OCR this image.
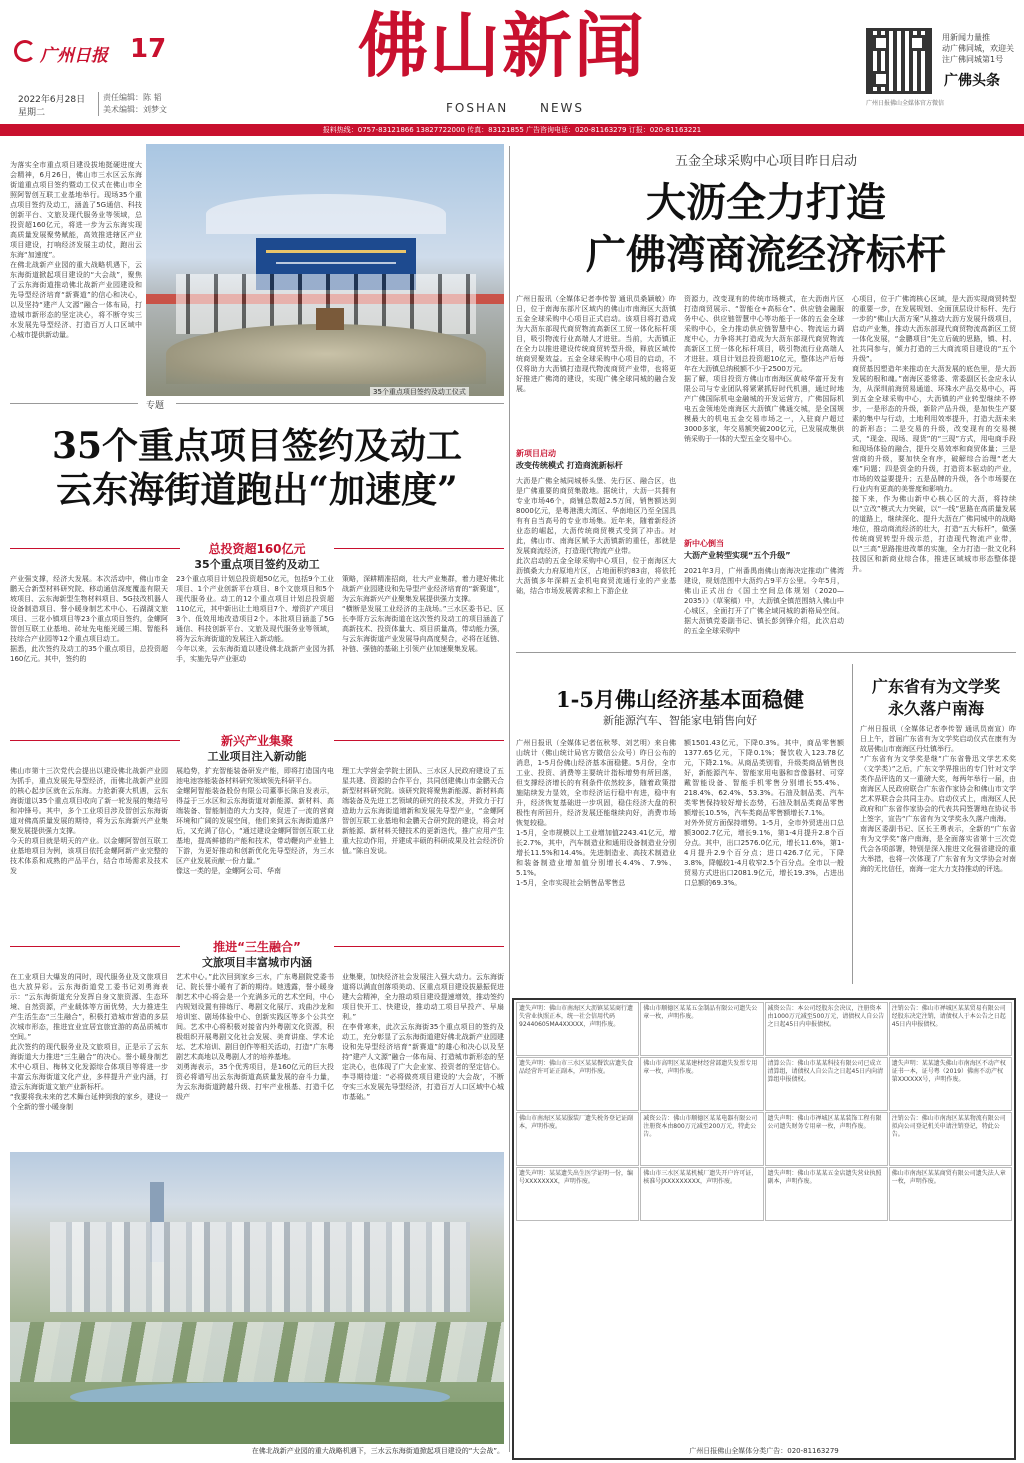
广州日报 17
2022年6月28日
星期二
责任编辑：陈 韬
美术编辑：刘梦文
佛山新闻
FOSHAN	NEWS
用新闻力量推
动广佛同城，欢迎关
注广佛同城第1号
广佛头条
广州日报佛山全媒体官方微信
报料热线：0757-83121866 13827722000 传真：83121855 广告咨询电话：020-81163279 订报：020-81163221
为落实全市重点项目建设拔地挺硬进度大会精神，6月26日，佛山市三水区云东海街道重点项目签约暨动工仪式在佛山市全照阿智创互联工业基地举行。现场35个重点项目签约及动工，涵盖了5G通信、科技创新平台、文旅及现代服务业等领域，总投资超160亿元，将进一步为云东海实现高质量发展聚势赋能，高效推进辖区产业项目建设，打响经济发展主动仗，跑出云东海“加速度”。
在佛北战新产业园的重大战略机遇下，云东海街道掀起项目建设的“大会战”，聚焦了云东海街道推动佛北战新产业园建设和先导型经济培育“新赛道”的信心和决心，以及坚持“建产人文源”融合一体布局，打造城市新形态的坚定决心，将不断夺实三水发展先导型经济、打造百万人口区域中心城市提供新动量。
35个重点项目签约及动工仪式
专题
35个重点项目签约及动工
云东海街道跑出“加速度”
总投资超160亿元
35个重点项目签约及动工
产业强支撑，经济大发展。本次活动中，佛山市金鹏天合新型材料研究院、移动通信深度覆盖有限天坡项目、云东海新型生物材料项目、5G技改机器人设备制造项目、誉小暖身制艺术中心、石湖湖文旅项目、三花小镇项目等23个重点项目签约，金螺阿智创互联工业基地、砖址先电能光暖三期、智能科技综合产业园等12个重点项目动工。
据悉，此次签约及动工的35个重点项目，总投资超160亿元。其中，签约的
23个重点项目计划总投资超50亿元，包括9个工业项目、1个产业创新平台项目、8个文旅项目和5个现代服务业。动工的12个重点项目计划总投资超110亿元，其中新出让土地项目7个、增资扩产项目3个、低效用地改造项目2个。本批项目涵盖了5G通信、科技创新平台、文旅及现代服务业等领域，将为云东海街道的发展注入新动能。
今年以来，云东海街道以建设佛北战新产业园为抓手，实施先导产业驱动
策略，深耕精准招商，壮大产业集群，着力建好佛北战新产业园建设和先导型产业经济培育的“新赛道”，为云东海新兴产业聚集发展提供强力支撑。
“横断是发展工业经济的主战场。”三水区委书记、区长李哥方云东海街道在这次签约及动工的项目涵盖了高新技术、投资体量大、项目质量高，带动能力强，与云东海街道产业发展导向高度契合，必将在延链、补链、强链的基础上引领产业加速聚集发展。
新兴产业集聚
工业项目注入新动能
佛山市第十三次党代会提出以建设佛北战新产业园为抓手，重点发展先导型经济，而佛北战新产业园的核心起步区就在云东海。力抢新赛大机遇，云东海街道以35个重点项目收向了新一轮发展的集结号和冲锋号。其中，多个工业项目涉及智创云东海街道对佛高质量发展的期待，将为云东海新兴产业集聚发展提供强力支撑。
今天的项目就是明天的产业。以金螺阿智创互联工业基地项目为例，该项目依托金螺阿新产业完整的技术体系和成熟的产品平台，结合市场需求及技术发
展趋势，扩充智能装备研发产能，即将打造国内电池电池容能装备材料研究领域领先科研平台。
金螺阿智能装备股份有限公司董事长陈自发表示，得益于三水区和云东海街道对新能源、新材料、高端装备、智能制造的大力支持，促进了一流的营商环境和广阔的发展空间，他们来到云东海街道落户后，又充满了信心，“通过建设金螺阿智创互联工业基地，提高鲜德的产能和技术，带动鞭向产业链上下游，为更好推动和创新优化先导型经济，为三水区产业发展贡献一份力量。”
像这一类的是，金螺阿公司、华南
理工大学营金学院士团队、三水区人民政府建设了五星共建、资源的合作平台，共同创建佛山市金鹏天合新型材料研究院。该研究院将聚焦新能源、新材料高端装备及先进工艺领域的研究的技术发，并致力于打造助力云东海街道增新和发展先导型产业，“金螺阿智创互联工业基地和金鹏天合研究院的建设，将会对新能源、新材料关键技术的更新迭代，推广应用产生重大拉动作用，并建成丰硕的科研成果及社会经济价值。”陈自发说。
推进“三生融合”
文旅项目丰富城市内涵
在工业项目大爆发的同时，现代服务业及文旅项目也大放异彩。云东海街道党工委书记刘勇海表示：“云东海街道充分发挥自身文旅资源、生态环境、自然资源，产业载体等方面优势，大力推进生产生活生态“三生融合”，积极打造城市营造的多层次城市形态，推进宜业宜居宜旅宜游的高品质城市空间。”
此次签约的现代服务业及文旅项目，正是示了云东海街道大力推进“三生融合”的决心。誉小暖身制艺术中心项目、梅林文化发源综合体项目等将进一步丰富云东海街道文化产业，多样提升产业内涵，打造云东海街道文旅产业新标杆。
“我要将我未来的艺术舞台延伸到我的家乡，建设一个全新的誉小暖身制
艺术中心。”此次回到家乡三水，广东粤剧院党委书记、院长誉小暖有了新的期待。她透露，誉小暖身制艺术中心将会是一个充满多元的艺术空间，中心内规划设置有排练厅、粤剧文化展厅、戏曲沙龙和培训室、剧场体验中心、创新实践区等多个公共空间。艺术中心将积极对接省内外粤剧文化资源，积极组织开展粤剧文化社会发展、美育讲座、学术论坛、艺术培训、剧目创作等相关活动，打造“广东粤剧艺术高地以及粤剧人才的培养基地。
刘勇海表示，35个优秀项目，是160亿元的巨大投资必将谱写出云东海街道高质量发展的奋斗力量，为云东海街道跨越升级、打牢产业根基、打造千亿级产
业集聚，加快经济社会发展注入强大动力。云东海街道将以满直创落项美动、区重点项目建设拔悬振促进建大会精神，全力推动项目建设提速增效，推动签约项目快开工、快建设，推动动工项目早投产、早扇利。”
在李骨寒来，此次云东海街35个重点项目的签约及动工，充分彰显了云东海街道建好佛北战新产业园建设和先导型经济培育“新赛道”的雄心和决心以及坚持“建产人文源”融合一体布局、打造城市新形态的坚定决心，也体现了广大企业家、投资者的坚定信心。李寻期待道：“必将做亮项目建设的‘大会战’，不断夺实三水发展先导型经济，打造百万人口区域中心城市基础。”
在佛北战新产业园的重大战略机遇下，三水云东海街道掀起项目建设的“大会战”。
五金全球采购中心项目昨日启动
大沥全力打造
广佛湾商流经济标杆
广州日报讯（全媒体记者李传智 通讯员桑颖敏）昨日，位于南海东部片区域内的佛山市南海区大沥镇五金全球采购中心项目正式启动。该项目将打造成为大沥东部现代商贸物流高新区工贸一体化标杆项目，吸引物流行业高端人才进驻。当前，大沥镇正在全力以推进建设传统商贸转型升级，释放区域传统商贸聚效益。五金全球采购中心项目的启动，不仅将助力大沥镇打造现代物流商贸产业带，也将更好推进广佛湾的建设，实现广佛全球同城的融合发展。
新项目启动
改变传统模式 打造商流新标杆
大沥是广佛全城同城桥头堡、先行区、融合区，也是广佛重要的商贸集散地。据统计，大沥一共拥有专业市场46个，商铺总数超2.5万间，销售额达到8000亿元，是粤港澳大湾区、华南地区乃至全国具有有自当高号的专业市场集。近年来，随着新经济业态的崛起，大沥传统商贸模式受到了冲击。对此，佛山市、南海区赋予大沥镇新的重任，那就是发展商流经济，打造现代物流产业带。
此次启动的五金全球采购中心项目，位于南海区大沥镇桑大力府原地片区，占地面积约83亩，将依托大沥镇多年深耕五金机电商贸流通行业的产业基础，结合市场发展需求和上下游企业
资源力，改变现有的传统市场模式，在大沥南片区打造商贸展示、“智能仓+高标仓”、供应链金融服务中心、供应链智慧中心等功能于一体的五金全球采购中心，全力推动供应链智慧中心、物流运力调度中心，力争将其打造成为大沥东部现代商贸物流高新区工贸一体化标杆项目，吸引物流行业高端人才进驻。项目计划总投资超10亿元，整体达产后每年在大沥镇总纳税额不少于2500万元。
据了解，项目投资方佛山市南海区黄岐华富开发有限公司与专业团队将紧紧抓好时代机遇，通过时地产广佛国际机电金融城的开发运营方，广佛国际机电五金领地处南海区大沥镇广佛通交城，是全国规模最大的机电五金交易市场之一，入驻商户超过3000多家，年交易额突破200亿元，已发展成集供销采购于一体的大型五金交易中心。
新中心倒当
大沥产业转型实现“五个升级”
2021年3月，广州番禺南佛山南海决定推动广佛湾建设，规划范围中大沥约占9平方公里。今年5月，佛山正式出台《国土空间总体规划（2020—2035）》（草案稿）中，大沥镇全镇范围纳入佛山中心城区，全面打开了广佛全域同城的新格局空间。据大沥镇党委副书记、镇长彭剑锋介绍，此次启动的五金全球采购中
心项目，位于广佛湾核心区域，是大沥实现商贸转型的重要一步，在发展规划、全面顶层设计标杆、先行一步的“佛山大沥方案”从推动大沥方发展升级项目，启动产业集，推动大沥东部现代商贸物流高新区工贸一体化发展，“金鹏项目”先立后破的思路，镇、村、社共同参与，倾力打造的三大商流项目建设的“五个升级”。
商贸基因塑造年来推动在大沥发展的底色里，是大沥发展的根和魂。”南海区委常委、常委副区长金应永认为，从深圳前海贸易通道、环珠水产品交易中心，再到五金全球采购中心，大沥镇的产业转型继续不停步，一是形态的升级，新阶产品升级，是加快生产要素的集中与行动，土地利用效率提升，打造大沥未来的新形态；二是交易的升级，改变现有的交易模式，“现金、现场、现货”的“三现”方式，用电商手段和现场体验的融合，提升交易效率和商贸体量；三是营商的升级，要加快全有序，破解综合治理“老大难”问题；四是资金的升级，打造资本驱动的产业，市场的效益要提升；五是品牌的升级，各个市场要在行业内有更高的美誉度和影响力。
接下来，作为佛山新中心核心区的大沥，将持续以“立改”模式大力突破，以“一线”思路在高质量发展的道路上，继续深化、提升大沥在广佛同城中的战略地位，推动商流经济的壮大，打造“五大标杆”，做强传统商贸转型升级示范，打造现代物流产业带，以“三高”思路推进改革的实施，全力打造一批文化科技园区和新商业综合体，推进区域城市形态整体提升。
1-5月佛山经济基本面稳健
新能源汽车、智能家电销售向好
广州日报讯（全媒体记者伍秋琴、刘艺明）来自佛山统计（佛山统计局官方微信公众号）昨日公布的消息，1-5月份佛山经济基本面稳健。5月份，全市工业、投资、消费等主要统计指标增势有所回落，但支撑经济增长的有利条件依然较多，随着政策措施陆续发力显效，全市经济运行稳中有进，稳中有升，经济恢复基础进一步巩固，稳住经济大盘的积极性有所回升，经济发展还能继续向好，消费市场恢复较稳。
1-5月，全市规模以上工业增加值2243.41亿元，增长2.7%，其中，汽车制造业和通用设备制造业分别增长11.5%和14.4%。先进制造业、高技术制造业和装备制造业增加值分别增长4.4%、7.9%、5.1%。
1-5月，全市实现社会销售品零售总
额1501.43亿元，下降0.3%。其中，商品零售额1377.65亿元，下降0.1%；餐饮收入123.78亿元，下降2.1%。从商品类别看，升级类商品销售良好，新能源汽车、智能家用电器和音像器材、可穿戴智能设备、智能手机零售分别增长55.4%、218.4%、62.4%、53.3%。石油及制品类、汽车类零售保持较好增长态势，石油及制品类商品零售额增长10.5%，汽车类商品零售额增长7.1%。
对外外贸方面保持增势。1-5月，全市外贸进出口总额3002.7亿元，增长9.1%，第1-4月提升2.8个百分点。其中，出口2576.0亿元，增长11.6%，第1-4月提升2.9个百分点；进口426.7亿元，下降3.8%，降幅较1-4月收窄2.5个百分点。全市以一般贸易方式进出口2081.9亿元，增长19.3%，占进出口总额的69.3%。
广东省有为文学奖
永久落户南海
广州日报讯（全媒体记者李传智 通讯员南宣）昨日上午，首届广东省有为文学奖启动仪式在康有为故居佛山市南海区丹灶镇举行。
“广东省有为文学奖是继“广东省鲁迅文学艺术奖（文学类）”之后，广东文学界推出的专门针对文学类作品评选的又一重磅大奖，每两年举行一届，由南海区人民政府联合广东省作家协会和佛山市文学艺术界联合会共同主办。启动仪式上，南海区人民政府和广东省作家协会的代表共同签署地在协议书上签字，宣告“广东省有为文学奖永久落户南海。
南海区委副书记、区长王勇表示，全新的“广东省有为文学奖”落户南海，是全面落实省第十三次党代会各项部署，特别是深入推进文化强省建设的重大举措，也将一次体现了广东省有为文学协会对南海的无比信任，南海一定大力支持推动的评选。
遗失声明：佛山市南海区大沥镇某某商行遗失营业执照正本，统一社会信用代码92440605MA4XXXXX，声明作废。
佛山市顺德区某某五金制品有限公司遗失公章一枚，声明作废。
减资公告：本公司经股东会决议，注册资本由1000万元减至500万元，请债权人自公告之日起45日内申报债权。
注销公告：佛山市禅城区某某贸易有限公司经股东决定注销，请债权人于本公告之日起45日内申报债权。
遗失声明：佛山市三水区某某餐饮店遗失食品经营许可证正副本，声明作废。
佛山市高明区某某建材经营部遗失发票专用章一枚，声明作废。
清算公告：佛山市某某科技有限公司已成立清算组，请债权人自公告之日起45日内向清算组申报债权。
遗失声明：某某遗失佛山市南海区不动产权证书一本，证号粤（2019）佛南不动产权第XXXXXX号，声明作废。
佛山市南海区某某服装厂遗失税务登记证副本，声明作废。
减资公告：佛山市顺德区某某电器有限公司注册资本由800万元减至200万元，特此公告。
遗失声明：佛山市禅城区某某装饰工程有限公司遗失财务专用章一枚，声明作废。
注销公告：佛山市南海区某某物流有限公司拟向公司登记机关申请注销登记，特此公告。
遗失声明：某某遗失出生医学证明一份，编号XXXXXXXX，声明作废。
佛山市三水区某某机械厂遗失开户许可证，核准号JXXXXXXXXX，声明作废。
遗失声明：佛山市某某五金店遗失营业执照副本，声明作废。
佛山市南海区某某商贸有限公司遗失法人章一枚，声明作废。
广州日报佛山全媒体分类广告：020-81163279
